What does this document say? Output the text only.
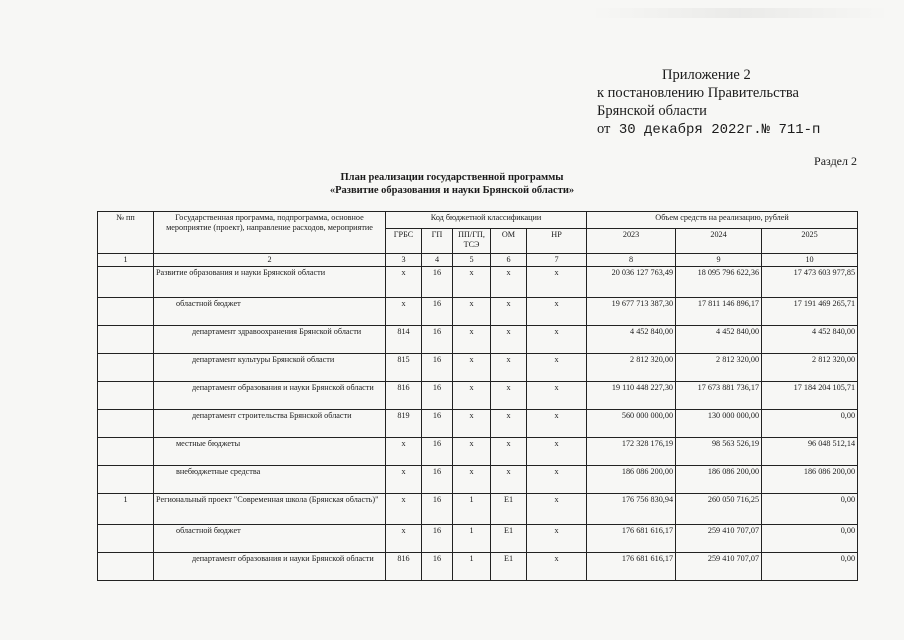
Приложение 2
к постановлению Правительства
Брянской области
от 30 декабря 2022г.№ 711-п
Раздел 2
План реализации государственной программы
«Развитие образования и науки Брянской области»
№ пп	Государственная программа, подпрограмма, основное мероприятие (проект), направление расходов, мероприятие	Код бюджетной классификации					Объем средств на реализацию, рублей		
		ГРБС	ГП	ПП/ГП, ТСЭ	ОМ	НР	2023	2024	2025
1	2	3	4	5	6	7	8	9	10
	Развитие образования и науки Брянской области	х	16	х	х	х	20 036 127 763,49	18 095 796 622,36	17 473 603 977,85
	областной бюджет	х	16	х	х	х	19 677 713 387,30	17 811 146 896,17	17 191 469 265,71
	департамент здравоохранения Брянской области	814	16	х	х	х	4 452 840,00	4 452 840,00	4 452 840,00
	департамент культуры Брянской области	815	16	х	х	х	2 812 320,00	2 812 320,00	2 812 320,00
	департамент образования и науки Брянской области	816	16	х	х	х	19 110 448 227,30	17 673 881 736,17	17 184 204 105,71
	департамент строительства Брянской области	819	16	х	х	х	560 000 000,00	130 000 000,00	0,00
	местные бюджеты	х	16	х	х	х	172 328 176,19	98 563 526,19	96 048 512,14
	внебюджетные средства	х	16	х	х	х	186 086 200,00	186 086 200,00	186 086 200,00
1	Региональный проект "Современная школа (Брянская область)"	х	16	1	Е1	х	176 756 830,94	260 050 716,25	0,00
	областной бюджет	х	16	1	Е1	х	176 681 616,17	259 410 707,07	0,00
	департамент образования и науки Брянской области	816	16	1	Е1	х	176 681 616,17	259 410 707,07	0,00
